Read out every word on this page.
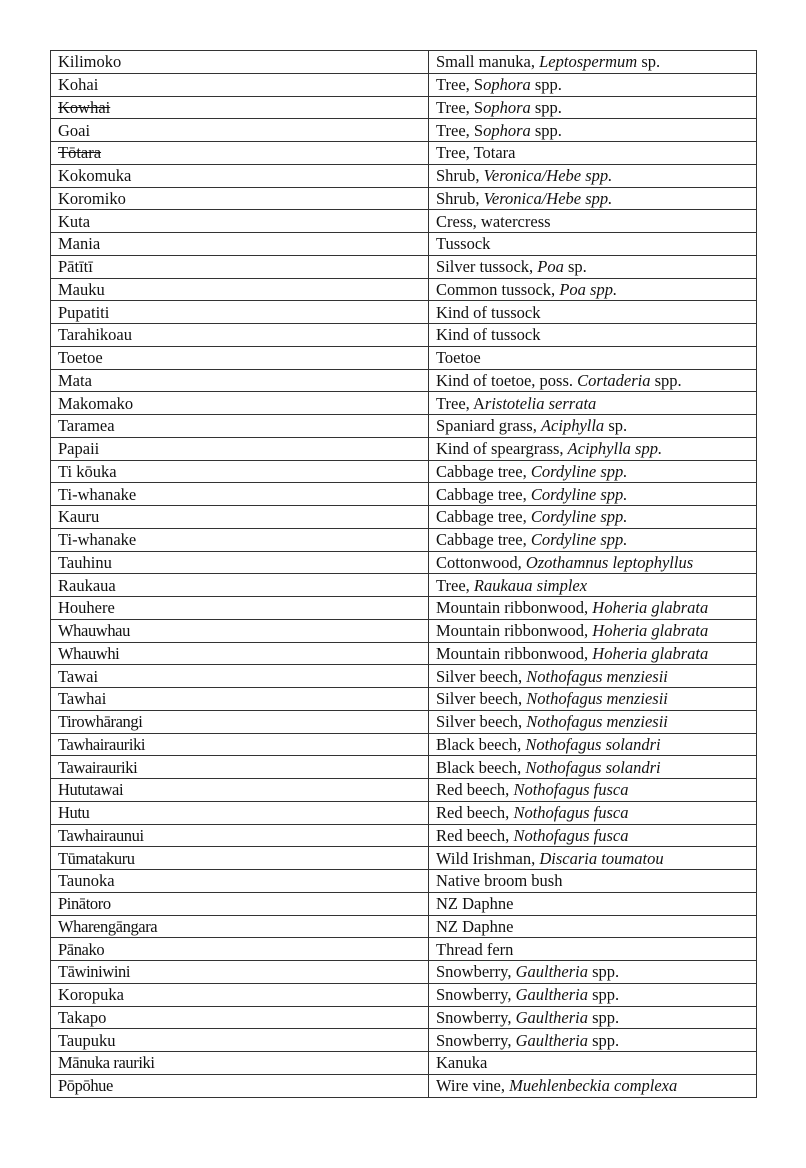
Kilimoko	Small manuka, Leptospermum sp.
Kohai	Tree, Sophora spp.
Kowhai	Tree, Sophora spp.
Goai	Tree, Sophora spp.
Tōtara	Tree, Totara
Kokomuka	Shrub, Veronica/Hebe spp.
Koromiko	Shrub, Veronica/Hebe spp.
Kuta	Cress, watercress
Mania	Tussock
Pātītī	Silver tussock, Poa sp.
Mauku	Common tussock, Poa spp.
Pupatiti	Kind of tussock
Tarahikoau	Kind of tussock
Toetoe	Toetoe
Mata	Kind of toetoe, poss. Cortaderia spp.
Makomako	Tree, Aristotelia serrata
Taramea	Spaniard grass, Aciphylla sp.
Papaii	Kind of speargrass, Aciphylla spp.
Ti kōuka	Cabbage tree, Cordyline spp.
Ti-whanake	Cabbage tree, Cordyline spp.
Kauru	Cabbage tree, Cordyline spp.
Ti-whanake	Cabbage tree, Cordyline spp.
Tauhinu	Cottonwood, Ozothamnus leptophyllus
Raukaua	Tree, Raukaua simplex
Houhere	Mountain ribbonwood, Hoheria glabrata
Whauwhau	Mountain ribbonwood, Hoheria glabrata
Whauwhi	Mountain ribbonwood, Hoheria glabrata
Tawai	Silver beech, Nothofagus menziesii
Tawhai	Silver beech, Nothofagus menziesii
Tirowhārangi	Silver beech, Nothofagus menziesii
Tawhairauriki	Black beech, Nothofagus solandri
Tawairauriki	Black beech, Nothofagus solandri
Hututawai	Red beech, Nothofagus fusca
Hutu	Red beech, Nothofagus fusca
Tawhairaunui	Red beech, Nothofagus fusca
Tūmatakuru	Wild Irishman, Discaria toumatou
Taunoka	Native broom bush
Pinātoro	NZ Daphne
Wharengāngara	NZ Daphne
Pānako	Thread fern
Tāwiniwini	Snowberry, Gaultheria spp.
Koropuka	Snowberry, Gaultheria spp.
Takapo	Snowberry, Gaultheria spp.
Taupuku	Snowberry, Gaultheria spp.
Mānuka rauriki	Kanuka
Pōpōhue	Wire vine, Muehlenbeckia complexa
